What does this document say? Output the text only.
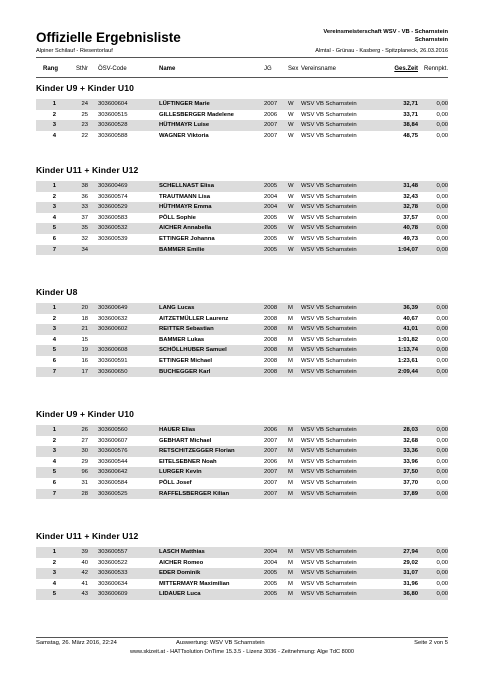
Offizielle Ergebnisliste
Alpiner Schilauf - Riesentorlauf
Vereinsmeisterschaft WSV - VB - Scharnstein
Scharnstein
Almtal - Grünau - Kasberg - Spitzplaneck, 26.03.2016
Rang	StNr ÖSV-Code	Name	JG	Sex Vereinsname	Ges.Zeit Rennpkt.
Kinder U9 + Kinder U10
1	24 303600604	LÜFTINGER Marie	2007 W WSV VB Scharnstein	32,71	0,00
2	25 303600515	GILLESBERGER Madelene	2006 W WSV VB Scharnstein	33,71	0,00
3	23 303600528	HÜTHMAYR Luise	2007 W WSV VB Scharnstein	38,84	0,00
4	22 303600588	WAGNER Viktoria	2007 W WSV VB Scharnstein	48,75	0,00
Kinder U11 + Kinder U12
1	38 303600469	SCHELLNAST Elisa	2005 W WSV VB Scharnstein	31,48	0,00
2	36 303600574	TRAUTMANN Lisa	2004 W WSV VB Scharnstein	32,43	0,00
3	33 303600529	HÜTHMAYR Emma	2004 W WSV VB Scharnstein	32,78	0,00
4	37 303600583	PÖLL Sophie	2005 W WSV VB Scharnstein	37,57	0,00
5	35 303600532	AICHER Annabella	2005 W WSV VB Scharnstein	40,78	0,00
6	32 303600539	ETTINGER Johanna	2005 W WSV VB Scharnstein	49,73	0,00
7	34	BAMMER Emilie	2005 W WSV VB Scharnstein	1:04,07	0,00
Kinder U8
1	20 303600649	LANG Lucas	2008 M WSV VB Scharnstein	36,39	0,00
2	18 303600632	AITZETMÜLLER Laurenz	2008 M WSV VB Scharnstein	40,67	0,00
3	21 303600602	REITTER Sebastian	2008 M WSV VB Scharnstein	41,01	0,00
4	15	BAMMER Lukas	2008 M WSV VB Scharnstein	1:01,82	0,00
5	19 303600608	SCHÖLLHUBER Samuel	2008 M WSV VB Scharnstein	1:13,74	0,00
6	16 303600591	ETTINGER Michael	2008 M WSV VB Scharnstein	1:23,61	0,00
7	17 303600650	BUCHEGGER Karl	2008 M WSV VB Scharnstein	2:09,44	0,00
Kinder U9 + Kinder U10
1	26 303600560	HAUER Elias	2006 M WSV VB Scharnstein	28,03	0,00
2	27 303600607	GEBHART Michael	2007 M WSV VB Scharnstein	32,68	0,00
3	30 303600576	RETSCHITZEGGER Florian	2007 M WSV VB Scharnstein	33,36	0,00
4	29 303600544	EITELSEBNER Noah	2006 M WSV VB Scharnstein	33,96	0,00
5	96 303600642	LURGER Kevin	2007 M WSV VB Scharnstein	37,50	0,00
6	31 303600584	PÖLL Josef	2007 M WSV VB Scharnstein	37,70	0,00
7	28 303600525	RAFFELSBERGER Kilian	2007 M WSV VB Scharnstein	37,89	0,00
Kinder U11 + Kinder U12
1	39 303600557	LASCH Matthias	2004 M WSV VB Scharnstein	27,94	0,00
2	40 303600522	AICHER Romeo	2004 M WSV VB Scharnstein	29,02	0,00
3	42 303600533	EDER Dominik	2005 M WSV VB Scharnstein	31,07	0,00
4	41 303600634	MITTERMAYR Maximilian	2005 M WSV VB Scharnstein	31,96	0,00
5	43 303600609	LIDAUER Luca	2005 M WSV VB Scharnstein	36,80	0,00
Samstag, 26. März 2016, 22:24	Auswertung: WSV VB Scharnstein	Seite 2 von 5
www.skizeit.at - HATTsolution OnTime 15.3.5 - Lizenz 3036 - Zeitnehmung: Alge TdC 8000
